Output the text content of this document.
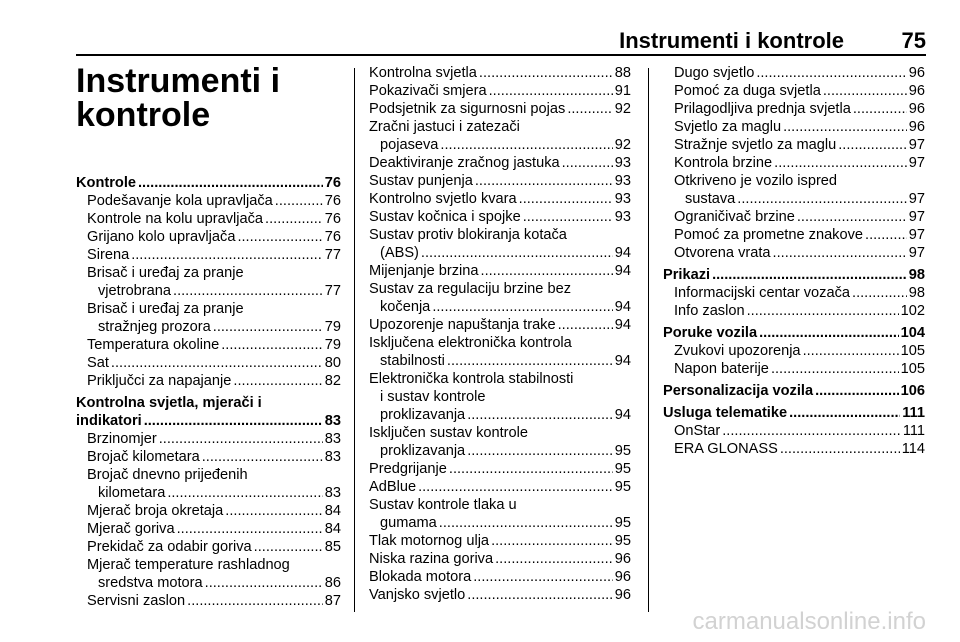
Instrumenti i kontrole	75
Instrumenti i
kontrole
Kontrole .....	76
Podešavanje kola upravljača .....	76
Kontrole na kolu upravljača .....	76
Grijano kolo upravljača .....	76
Sirena .....	77
Brisač i uređaj za pranje
vjetrobrana .....	77
Brisač i uređaj za pranje
stražnjeg prozora .....	79
Temperatura okoline .....	79
Sat .....	80
Priključci za napajanje .....	82
Kontrolna svjetla, mjerači i
indikatori .....	83
Brzinomjer .....	83
Brojač kilometara .....	83
Brojač dnevno prijeđenih
kilometara .....	83
Mjerač broja okretaja .....	84
Mjerač goriva .....	84
Prekidač za odabir goriva .....	85
Mjerač temperature rashladnog
sredstva motora .....	86
Servisni zaslon .....	87
Kontrolna svjetla .....	88
Pokazivači smjera .....	91
Podsjetnik za sigurnosni pojas .....	92
Zračni jastuci i zatezači
pojaseva .....	92
Deaktiviranje zračnog jastuka .....	93
Sustav punjenja .....	93
Kontrolno svjetlo kvara .....	93
Sustav kočnica i spojke .....	93
Sustav protiv blokiranja kotača
(ABS) .....	94
Mijenjanje brzina .....	94
Sustav za regulaciju brzine bez
kočenja .....	94
Upozorenje napuštanja trake .....	94
Isključena elektronička kontrola
stabilnosti .....	94
Elektronička kontrola stabilnosti
i sustav kontrole
proklizavanja .....	94
Isključen sustav kontrole
proklizavanja .....	95
Predgrijanje .....	95
AdBlue .....	95
Sustav kontrole tlaka u
gumama .....	95
Tlak motornog ulja .....	95
Niska razina goriva .....	96
Blokada motora .....	96
Vanjsko svjetlo .....	96
Dugo svjetlo .....	96
Pomoć za duga svjetla .....	96
Prilagodljiva prednja svjetla .....	96
Svjetlo za maglu .....	96
Stražnje svjetlo za maglu .....	97
Kontrola brzine .....	97
Otkriveno je vozilo ispred
sustava .....	97
Ograničivač brzine .....	97
Pomoć za prometne znakove .....	97
Otvorena vrata .....	97
Prikazi .....	98
Informacijski centar vozača .....	98
Info zaslon .....	102
Poruke vozila .....	104
Zvukovi upozorenja .....	105
Napon baterije .....	105
Personalizacija vozila .....	106
Usluga telematike .....	111
OnStar .....	111
ERA GLONASS .....	114
carmanualsonline.info
